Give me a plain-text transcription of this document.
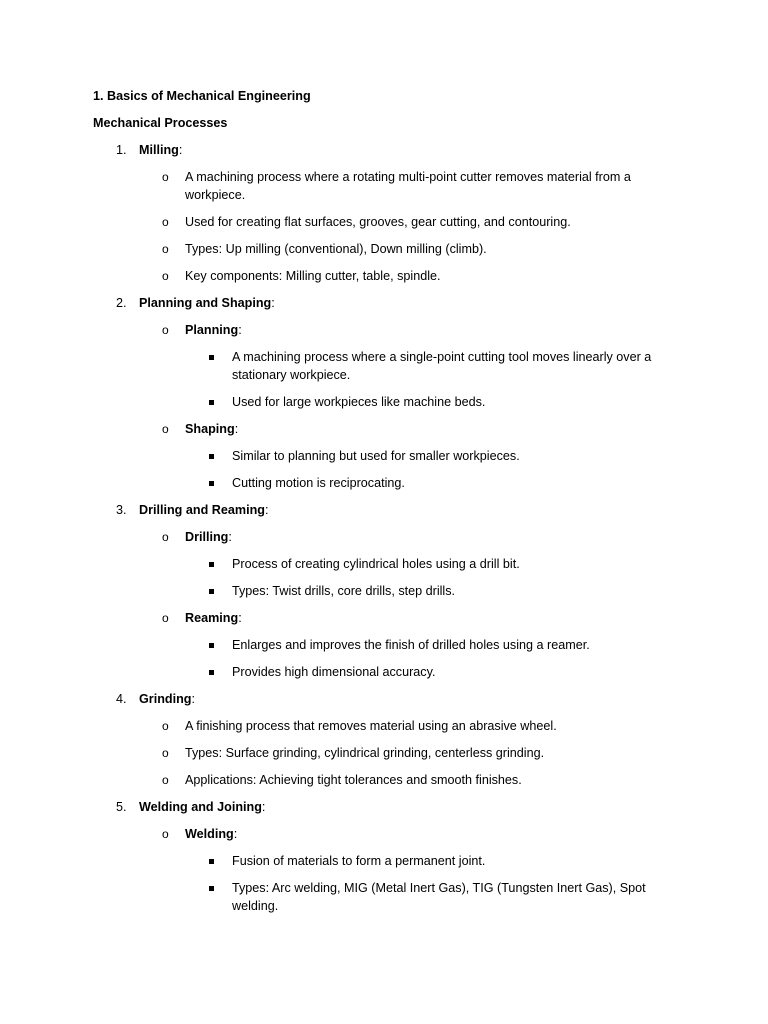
1. Basics of Mechanical Engineering
Mechanical Processes
1. Milling:
o A machining process where a rotating multi-point cutter removes material from a workpiece.
o Used for creating flat surfaces, grooves, gear cutting, and contouring.
o Types: Up milling (conventional), Down milling (climb).
o Key components: Milling cutter, table, spindle.
2. Planning and Shaping:
o Planning:
A machining process where a single-point cutting tool moves linearly over a stationary workpiece.
Used for large workpieces like machine beds.
o Shaping:
Similar to planning but used for smaller workpieces.
Cutting motion is reciprocating.
3. Drilling and Reaming:
o Drilling:
Process of creating cylindrical holes using a drill bit.
Types: Twist drills, core drills, step drills.
o Reaming:
Enlarges and improves the finish of drilled holes using a reamer.
Provides high dimensional accuracy.
4. Grinding:
o A finishing process that removes material using an abrasive wheel.
o Types: Surface grinding, cylindrical grinding, centerless grinding.
o Applications: Achieving tight tolerances and smooth finishes.
5. Welding and Joining:
o Welding:
Fusion of materials to form a permanent joint.
Types: Arc welding, MIG (Metal Inert Gas), TIG (Tungsten Inert Gas), Spot welding.
